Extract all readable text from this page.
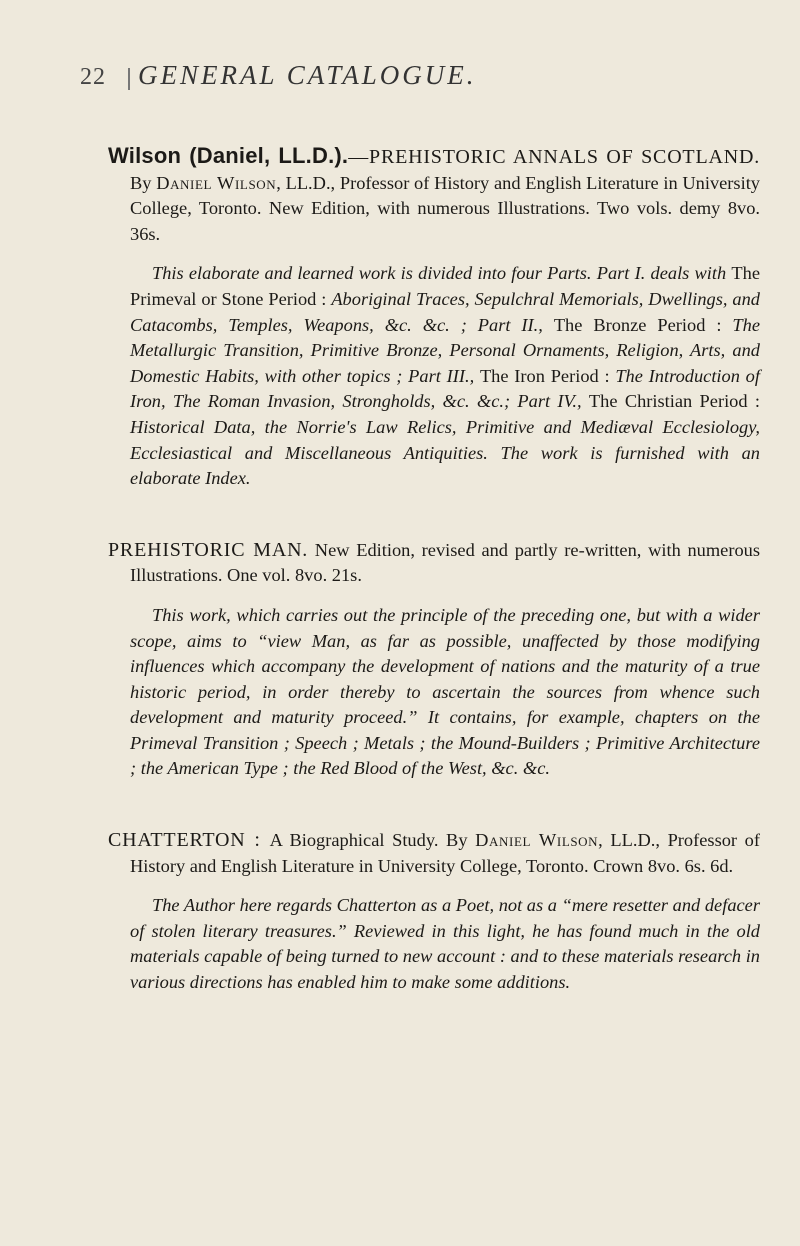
22 GENERAL CATALOGUE.

Wilson (Daniel, LL.D.).—PREHISTORIC ANNALS OF SCOTLAND. By Daniel Wilson, LL.D., Professor of History and English Literature in University College, Toronto. New Edition, with numerous Illustrations. Two vols. demy 8vo. 36s.

This elaborate and learned work is divided into four Parts. Part I. deals with The Primeval or Stone Period : Aboriginal Traces, Sepulchral Memorials, Dwellings, and Catacombs, Temples, Weapons, &c. &c. ; Part II., The Bronze Period : The Metallurgic Transition, Primitive Bronze, Personal Ornaments, Religion, Arts, and Domestic Habits, with other topics ; Part III., The Iron Period : The Introduction of Iron, The Roman Invasion, Strongholds, &c. &c.; Part IV., The Christian Period : Historical Data, the Norrie's Law Relics, Primitive and Mediæval Ecclesiology, Ecclesiastical and Miscellaneous Antiquities. The work is furnished with an elaborate Index.

PREHISTORIC MAN. New Edition, revised and partly re-written, with numerous Illustrations. One vol. 8vo. 21s.

This work, which carries out the principle of the preceding one, but with a wider scope, aims to “view Man, as far as possible, unaffected by those modifying influences which accompany the development of nations and the maturity of a true historic period, in order thereby to ascertain the sources from whence such development and maturity proceed.” It contains, for example, chapters on the Primeval Transition ; Speech ; Metals ; the Mound-Builders ; Primitive Architecture ; the American Type ; the Red Blood of the West, &c. &c.

CHATTERTON : A Biographical Study. By Daniel Wilson, LL.D., Professor of History and English Literature in University College, Toronto. Crown 8vo. 6s. 6d.

The Author here regards Chatterton as a Poet, not as a “mere resetter and defacer of stolen literary treasures.” Reviewed in this light, he has found much in the old materials capable of being turned to new account : and to these materials research in various directions has enabled him to make some additions.
